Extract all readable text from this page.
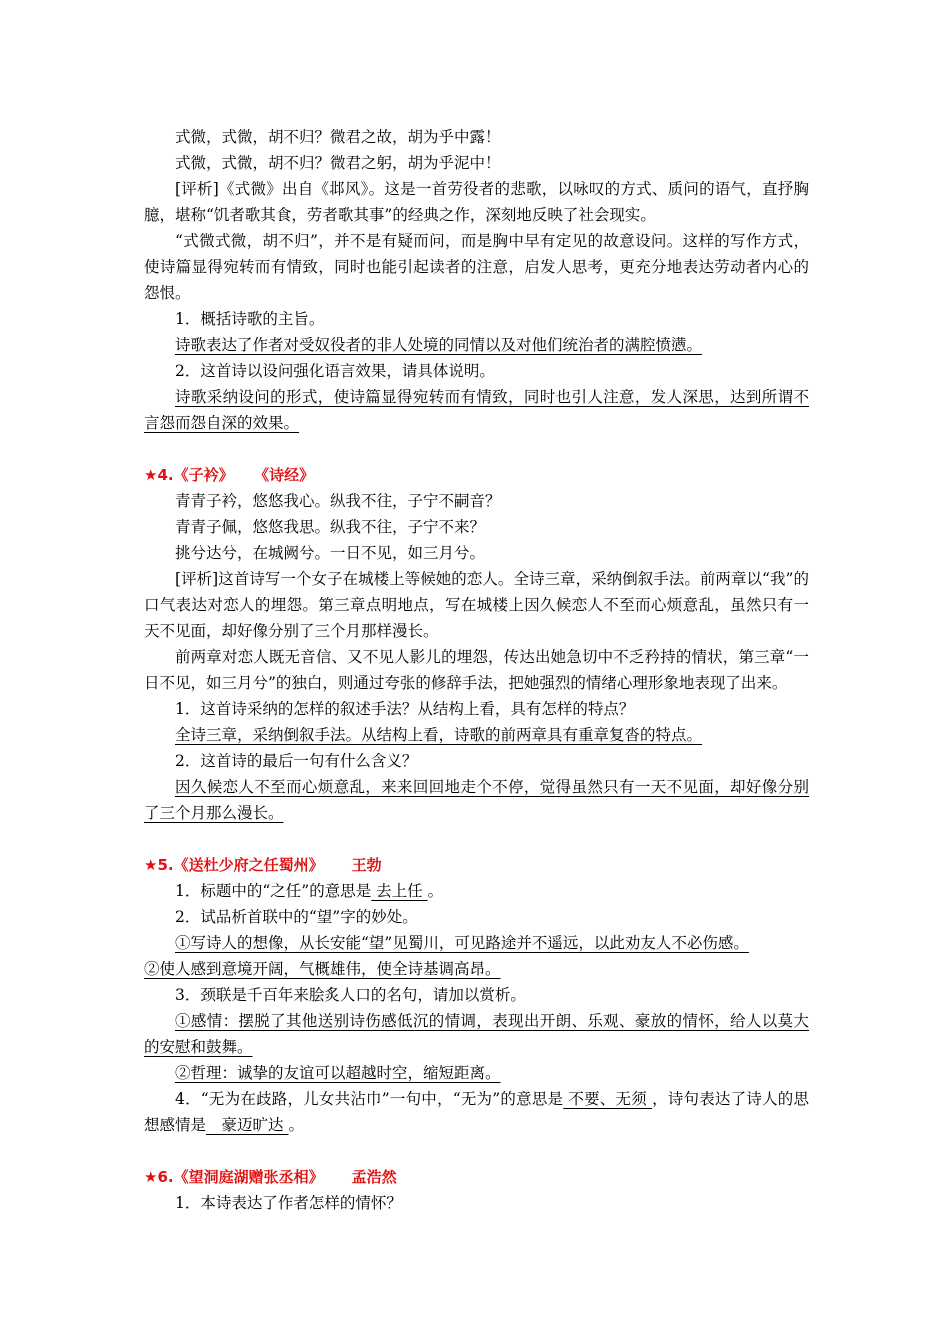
式微，式微，胡不归？微君之故，胡为乎中露！

式微，式微，胡不归？微君之躬，胡为乎泥中！

[评析]《式微》出自《邶风》。这是一首劳役者的悲歌，以咏叹的方式、质问的语气，直抒胸臆，堪称“饥者歌其食，劳者歌其事”的经典之作，深刻地反映了社会现实。

“式微式微，胡不归”，并不是有疑而问，而是胸中早有定见的故意设问。这样的写作方式，使诗篇显得宛转而有情致，同时也能引起读者的注意，启发人思考，更充分地表达劳动者内心的怨恨。

1．概括诗歌的主旨。

诗歌表达了作者对受奴役者的非人处境的同情以及对他们统治者的满腔愤懑。

2．这首诗以设问强化语言效果，请具体说明。

诗歌采纳设问的形式，使诗篇显得宛转而有情致，同时也引人注意，发人深思，达到所谓不言怨而怨自深的效果。

★4.《子衿》 《诗经》

青青子衿，悠悠我心。纵我不往，子宁不嗣音？

青青子佩，悠悠我思。纵我不往，子宁不来？

挑兮达兮，在城阙兮。一日不见，如三月兮。

[评析]这首诗写一个女子在城楼上等候她的恋人。全诗三章，采纳倒叙手法。前两章以“我”的口气表达对恋人的埋怨。第三章点明地点，写在城楼上因久候恋人不至而心烦意乱，虽然只有一天不见面，却好像分别了三个月那样漫长。

前两章对恋人既无音信、又不见人影儿的埋怨，传达出她急切中不乏矜持的情状，第三章“一日不见，如三月兮”的独白，则通过夸张的修辞手法，把她强烈的情绪心理形象地表现了出来。

1．这首诗采纳的怎样的叙述手法？从结构上看，具有怎样的特点？

全诗三章，采纳倒叙手法。从结构上看，诗歌的前两章具有重章复沓的特点。

2．这首诗的最后一句有什么含义？

因久候恋人不至而心烦意乱，来来回回地走个不停，觉得虽然只有一天不见面，却好像分别了三个月那么漫长。

★5.《送杜少府之任蜀州》 王勃

1．标题中的“之任”的意思是 去上任 。

2．试品析首联中的“望”字的妙处。

①写诗人的想像，从长安能“望”见蜀川，可见路途并不遥远，以此劝友人不必伤感。

②使人感到意境开阔，气概雄伟，使全诗基调高昂。

3．颈联是千百年来脍炙人口的名句，请加以赏析。

①感情：摆脱了其他送别诗伤感低沉的情调，表现出开朗、乐观、豪放的情怀，给人以莫大的安慰和鼓舞。

②哲理：诚挚的友谊可以超越时空，缩短距离。

4．“无为在歧路，儿女共沾巾”一句中，“无为”的意思是 不要、无须 ，诗句表达了诗人的思想感情是　豪迈旷达 。

★6.《望洞庭湖赠张丞相》 孟浩然

1．本诗表达了作者怎样的情怀？
